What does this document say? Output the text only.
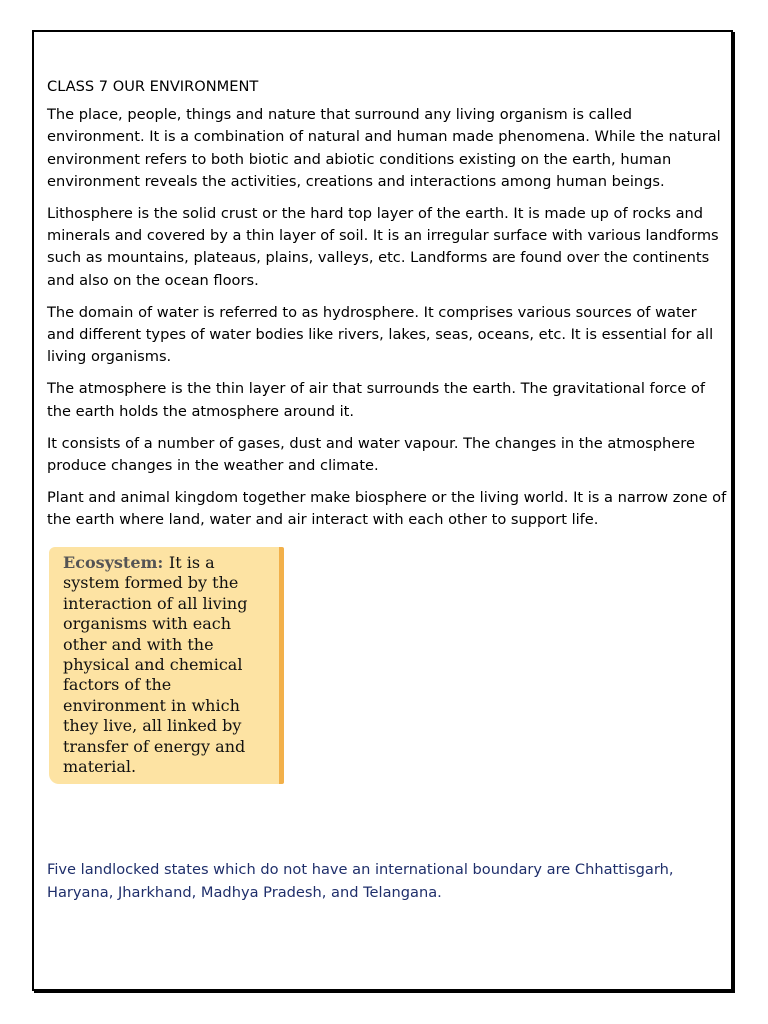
CLASS 7 OUR ENVIRONMENT

The place, people, things and nature that surround any living organism is called environment. It is a combination of natural and human made phenomena. While the natural environment refers to both biotic and abiotic conditions existing on the earth, human environment reveals the activities, creations and interactions among human beings.

Lithosphere is the solid crust or the hard top layer of the earth. It is made up of rocks and minerals and covered by a thin layer of soil. It is an irregular surface with various landforms such as mountains, plateaus, plains, valleys, etc. Landforms are found over the continents and also on the ocean floors.

The domain of water is referred to as hydrosphere. It comprises various sources of water and different types of water bodies like rivers, lakes, seas, oceans, etc. It is essential for all living organisms.

The atmosphere is the thin layer of air that surrounds the earth. The gravitational force of the earth holds the atmosphere around it.

It consists of a number of gases, dust and water vapour. The changes in the atmosphere produce changes in the weather and climate.

Plant and animal kingdom together make biosphere or the living world. It is a narrow zone of the earth where land, water and air interact with each other to support life.

Ecosystem: It is a system formed by the interaction of all living organisms with each other and with the physical and chemical factors of the environment in which they live, all linked by transfer of energy and material.

Five landlocked states which do not have an international boundary are Chhattisgarh, Haryana, Jharkhand, Madhya Pradesh, and Telangana.
